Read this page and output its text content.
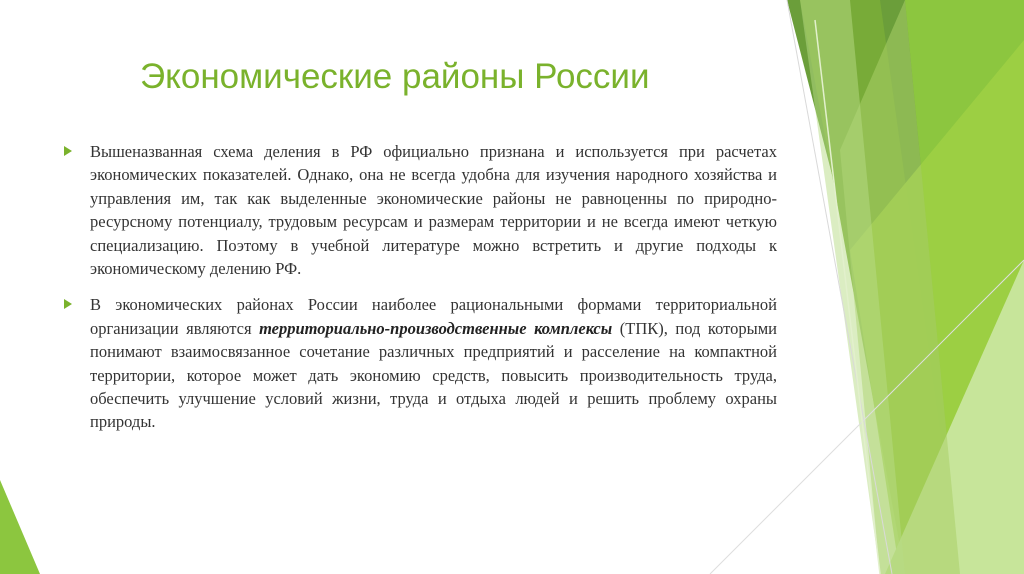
Экономические районы России
Вышеназванная схема деления в РФ официально признана и используется при расчетах экономических показателей. Однако, она не всегда удобна для изучения народного хозяйства и управления им, так как выделенные экономические районы не равноценны по природно-ресурсному потенциалу, трудовым ресурсам и размерам территории и не всегда имеют четкую специализацию. Поэтому в учебной литературе можно встретить и другие подходы к экономическому делению РФ.
В экономических районах России наиболее рациональными формами территориальной организации являются территориально-производственные комплексы (ТПК), под которыми понимают взаимосвязанное сочетание различных предприятий и расселение на компактной территории, которое может дать экономию средств, повысить производительность труда, обеспечить улучшение условий жизни, труда и отдыха людей и решить проблему охраны природы.
